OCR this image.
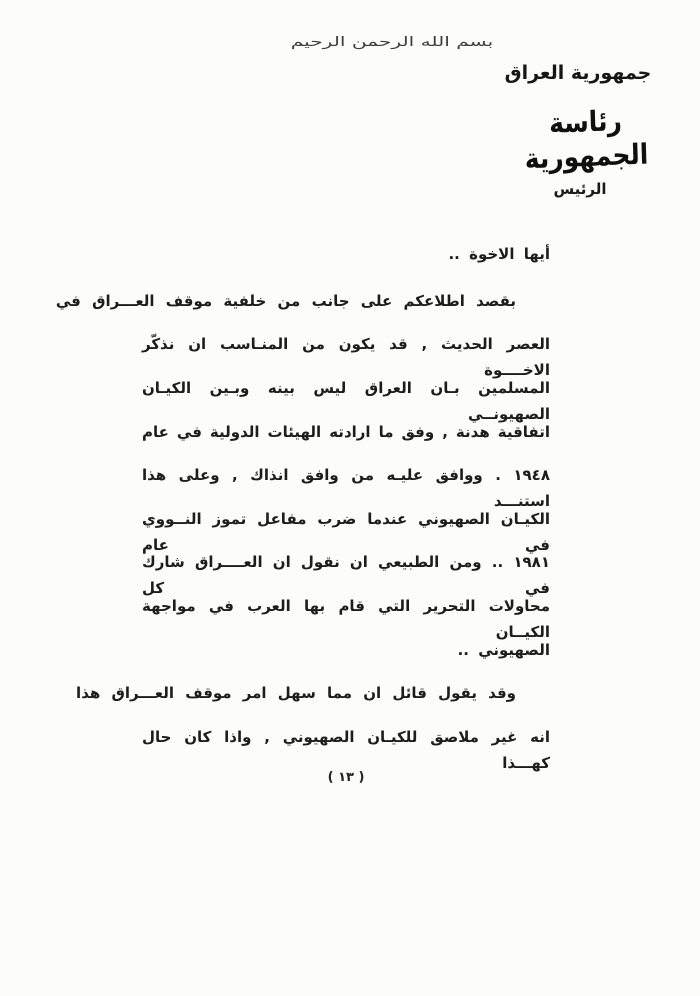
بسم الله الرحمن الرحيم
جمهورية العراق
رئاسة الجمهورية
الرئيس
أيها الاخوة ..
بقصد اطلاعكم على جانب من خلفية موقف العـــراق في
العصر الحديث , قد يكون من المنـاسب ان نذكّر الاخــــوة
المسلمين بـان العراق ليس بينه وبـين الكيـان الصهيونــي
اتفاقية هدنة , وفق ما ارادته الهيئات الدولية في عام
١٩٤٨ . ووافق عليـه من وافق انذاك , وعلى هذا استنـــد
الكيـان الصهيوني عندما ضرب مفاعل تموز النــووي في عام
١٩٨١ .. ومن الطبيعي ان نقول ان العــــراق شارك في كل
محاولات التحرير التي قام بها العرب في مواجهة الكيــان
الصهيوني ..
وقد يقول قائل ان مما سهل امر موقف العـــراق هذا
انه غير ملاصق للكيـان الصهيوني , واذا كان حال كهـــذا
( ١٣ )
